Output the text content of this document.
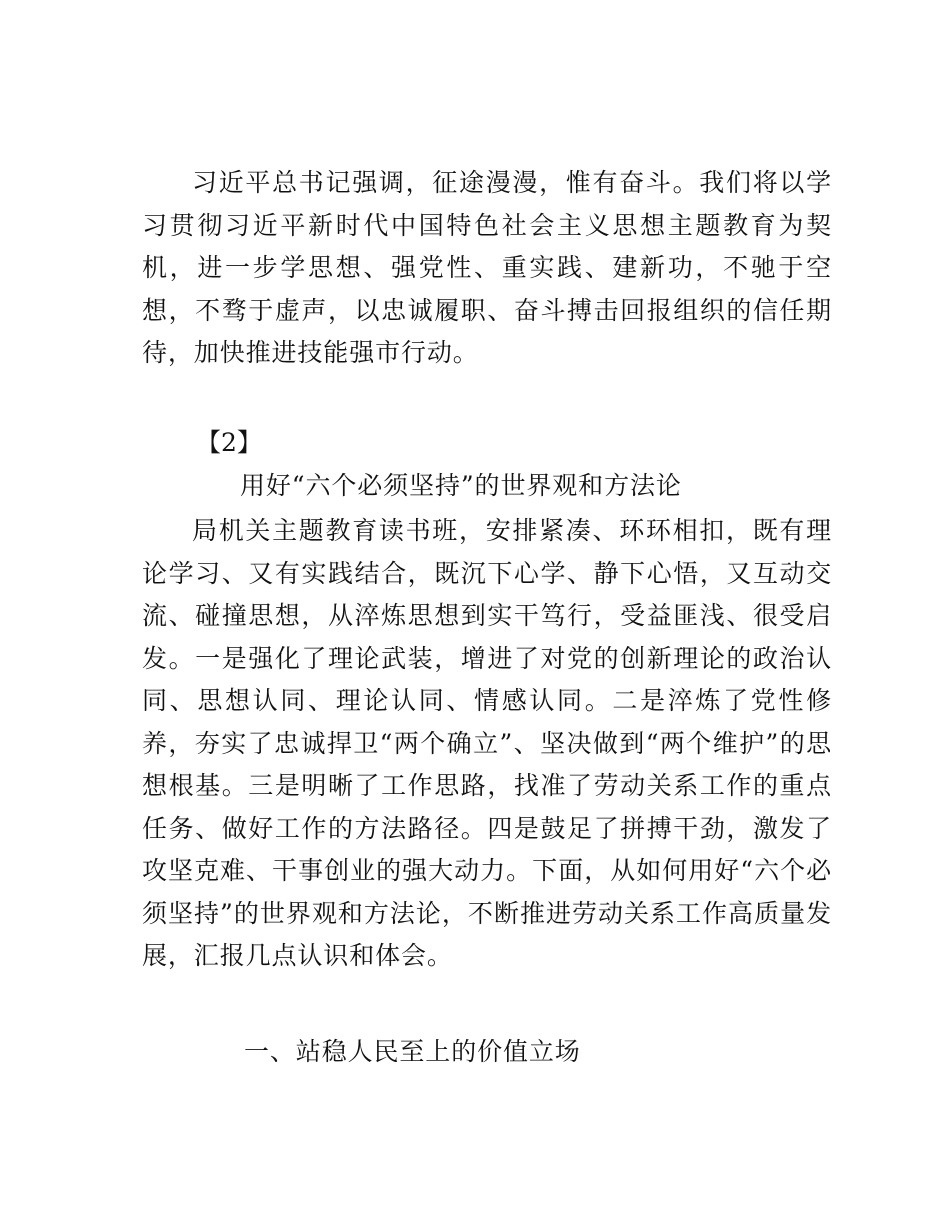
习近平总书记强调，征途漫漫，惟有奋斗。我们将以学习贯彻习近平新时代中国特色社会主义思想主题教育为契机，进一步学思想、强党性、重实践、建新功，不驰于空想，不骛于虚声，以忠诚履职、奋斗搏击回报组织的信任期待，加快推进技能强市行动。

【2】

用好“六个必须坚持”的世界观和方法论

局机关主题教育读书班，安排紧凑、环环相扣，既有理论学习、又有实践结合，既沉下心学、静下心悟，又互动交流、碰撞思想，从淬炼思想到实干笃行，受益匪浅、很受启发。一是强化了理论武装，增进了对党的创新理论的政治认同、思想认同、理论认同、情感认同。二是淬炼了党性修养，夯实了忠诚捍卫“两个确立”、坚决做到“两个维护”的思想根基。三是明晰了工作思路，找准了劳动关系工作的重点任务、做好工作的方法路径。四是鼓足了拼搏干劲，激发了攻坚克难、干事创业的强大动力。下面，从如何用好“六个必须坚持”的世界观和方法论，不断推进劳动关系工作高质量发展，汇报几点认识和体会。

一、站稳人民至上的价值立场
